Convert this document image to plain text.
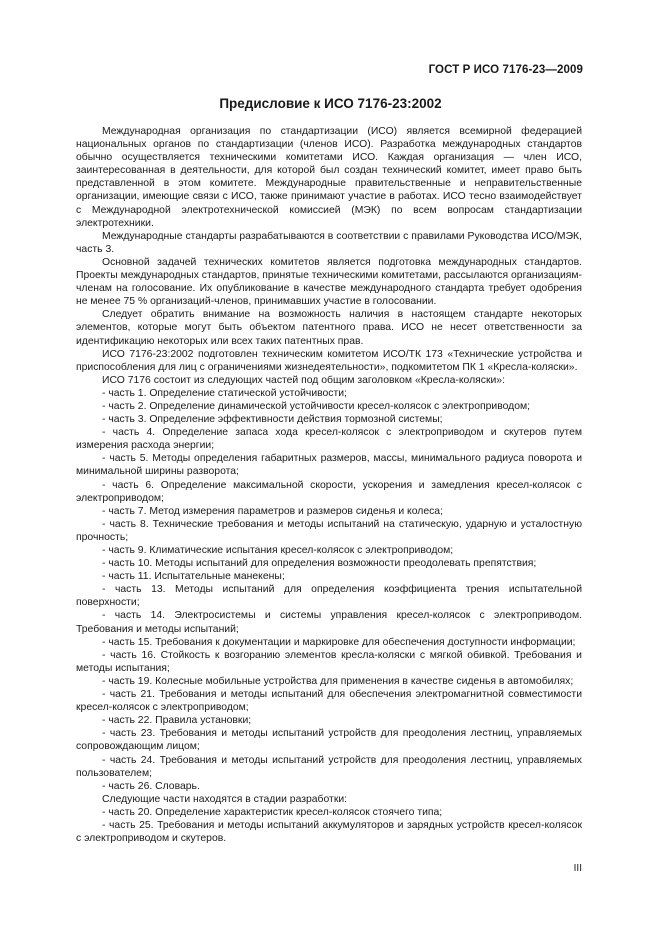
ГОСТ Р ИСО 7176-23—2009
Предисловие к ИСО 7176-23:2002

Международная организация по стандартизации (ИСО) является всемирной федерацией национальных органов по стандартизации (членов ИСО). Разработка международных стандартов обычно осуществляется техническими комитетами ИСО. Каждая организация — член ИСО, заинтересованная в деятельности, для которой был создан технический комитет, имеет право быть представленной в этом комитете. Международные правительственные и неправительственные организации, имеющие связи с ИСО, также принимают участие в работах. ИСО тесно взаимодействует с Международной электротехнической комиссией (МЭК) по всем вопросам стандартизации электротехники.

Международные стандарты разрабатываются в соответствии с правилами Руководства ИСО/МЭК, часть 3.

Основной задачей технических комитетов является подготовка международных стандартов. Проекты международных стандартов, принятые техническими комитетами, рассылаются организациям-членам на голосование. Их опубликование в качестве международного стандарта требует одобрения не менее 75 % организаций-членов, принимавших участие в голосовании.

Следует обратить внимание на возможность наличия в настоящем стандарте некоторых элементов, которые могут быть объектом патентного права. ИСО не несет ответственности за идентификацию некоторых или всех таких патентных прав.

ИСО 7176-23:2002 подготовлен техническим комитетом ИСО/ТК 173 «Технические устройства и приспособления для лиц с ограничениями жизнедеятельности», подкомитетом ПК 1 «Кресла-коляски».

ИСО 7176 состоит из следующих частей под общим заголовком «Кресла-коляски»:

- часть 1. Определение статической устойчивости;

- часть 2. Определение динамической устойчивости кресел-колясок с электроприводом;

- часть 3. Определение эффективности действия тормозной системы;

- часть 4. Определение запаса хода кресел-колясок с электроприводом и скутеров путем измерения расхода энергии;

- часть 5. Методы определения габаритных размеров, массы, минимального радиуса поворота и минимальной ширины разворота;

- часть 6. Определение максимальной скорости, ускорения и замедления кресел-колясок с электроприводом;

- часть 7. Метод измерения параметров и размеров сиденья и колеса;

- часть 8. Технические требования и методы испытаний на статическую, ударную и усталостную прочность;

- часть 9. Климатические испытания кресел-колясок с электроприводом;

- часть 10. Методы испытаний для определения возможности преодолевать препятствия;

- часть 11. Испытательные манекены;

- часть 13. Методы испытаний для определения коэффициента трения испытательной поверхности;

- часть 14. Электросистемы и системы управления кресел-колясок с электроприводом. Требования и методы испытаний;

- часть 15. Требования к документации и маркировке для обеспечения доступности информации;

- часть 16. Стойкость к возгоранию элементов кресла-коляски с мягкой обивкой. Требования и методы испытания;

- часть 19. Колесные мобильные устройства для применения в качестве сиденья в автомобилях;

- часть 21. Требования и методы испытаний для обеспечения электромагнитной совместимости кресел-колясок с электроприводом;

- часть 22. Правила установки;

- часть 23. Требования и методы испытаний устройств для преодоления лестниц, управляемых сопровождающим лицом;

- часть 24. Требования и методы испытаний устройств для преодоления лестниц, управляемых пользователем;

- часть 26. Словарь.

Следующие части находятся в стадии разработки:

- часть 20. Определение характеристик кресел-колясок стоячего типа;

- часть 25. Требования и методы испытаний аккумуляторов и зарядных устройств кресел-колясок с электроприводом и скутеров.

III
